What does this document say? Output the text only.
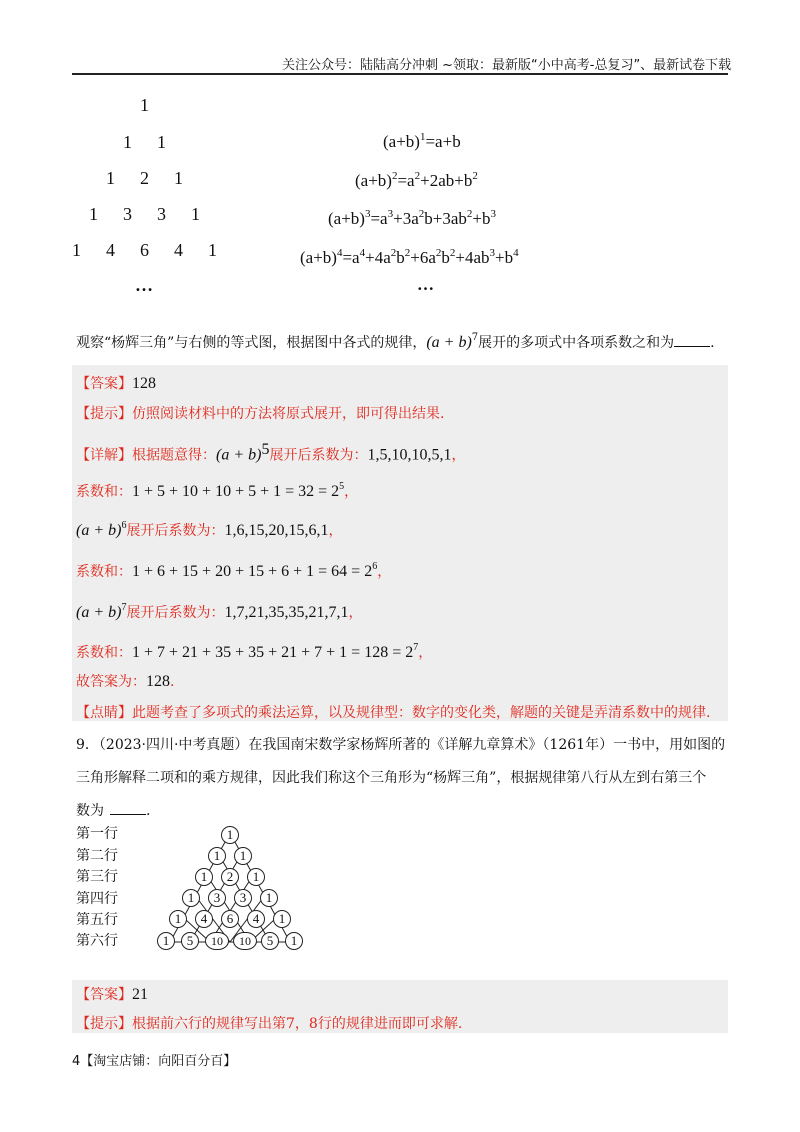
关注公众号：陆陆高分冲刺 ~领取：最新版“小中高考-总复习”、最新试卷下载
1
1 1
1 2 1
1 3 3 1
1 4 6 4 1
…
$(a+b)^1=a+b$
$(a+b)^2=a^2+2ab+b^2$
$(a+b)^3=a^3+3a^2b+3ab^2+b^3$
$(a+b)^4=a^4+4a^2b^2+6a^2b^2+4ab^3+b^4$
…
观察“杨辉三角”与右侧的等式图，根据图中各式的规律，$(a + b)^7$展开的多项式中各项系数之和为	.
【答案】128
【提示】仿照阅读材料中的方法将原式展开，即可得出结果.
【详解】根据题意得：$(a + b)^5$展开后系数为：1,5,10,10,5,1，
系数和：$1 + 5 + 10 + 10 + 5 + 1 = 32 = 2^5$，
$(a + b)^6$展开后系数为：1,6,15,20,15,6,1，
系数和：$1 + 6 + 15 + 20 + 15 + 6 + 1 = 64 = 2^6$，
$(a + b)^7$展开后系数为：1,7,21,35,35,21,7,1，
系数和：$1 + 7 + 21 + 35 + 35 + 21 + 7 + 1 = 128 = 2^7$，
故答案为：128.
【点睛】此题考查了多项式的乘法运算，以及规律型：数字的变化类，解题的关键是弄清系数中的规律.
9．（2023·四川·中考真题）在我国南宋数学家杨辉所著的《详解九章算术》（1261年）一书中，用如图的
三角形解释二项和的乘方规律，因此我们称这个三角形为“杨辉三角”，根据规律第八行从左到右第三个
数为	.
第一行
第二行
第三行
第四行
第五行
第六行
1
1	1
1	2	1
1	3	3	1
1	4	6	4	1
1	5	10	10	5	1
【答案】21
【提示】根据前六行的规律写出第7，8行的规律进而即可求解.
4【淘宝店铺：向阳百分百】
